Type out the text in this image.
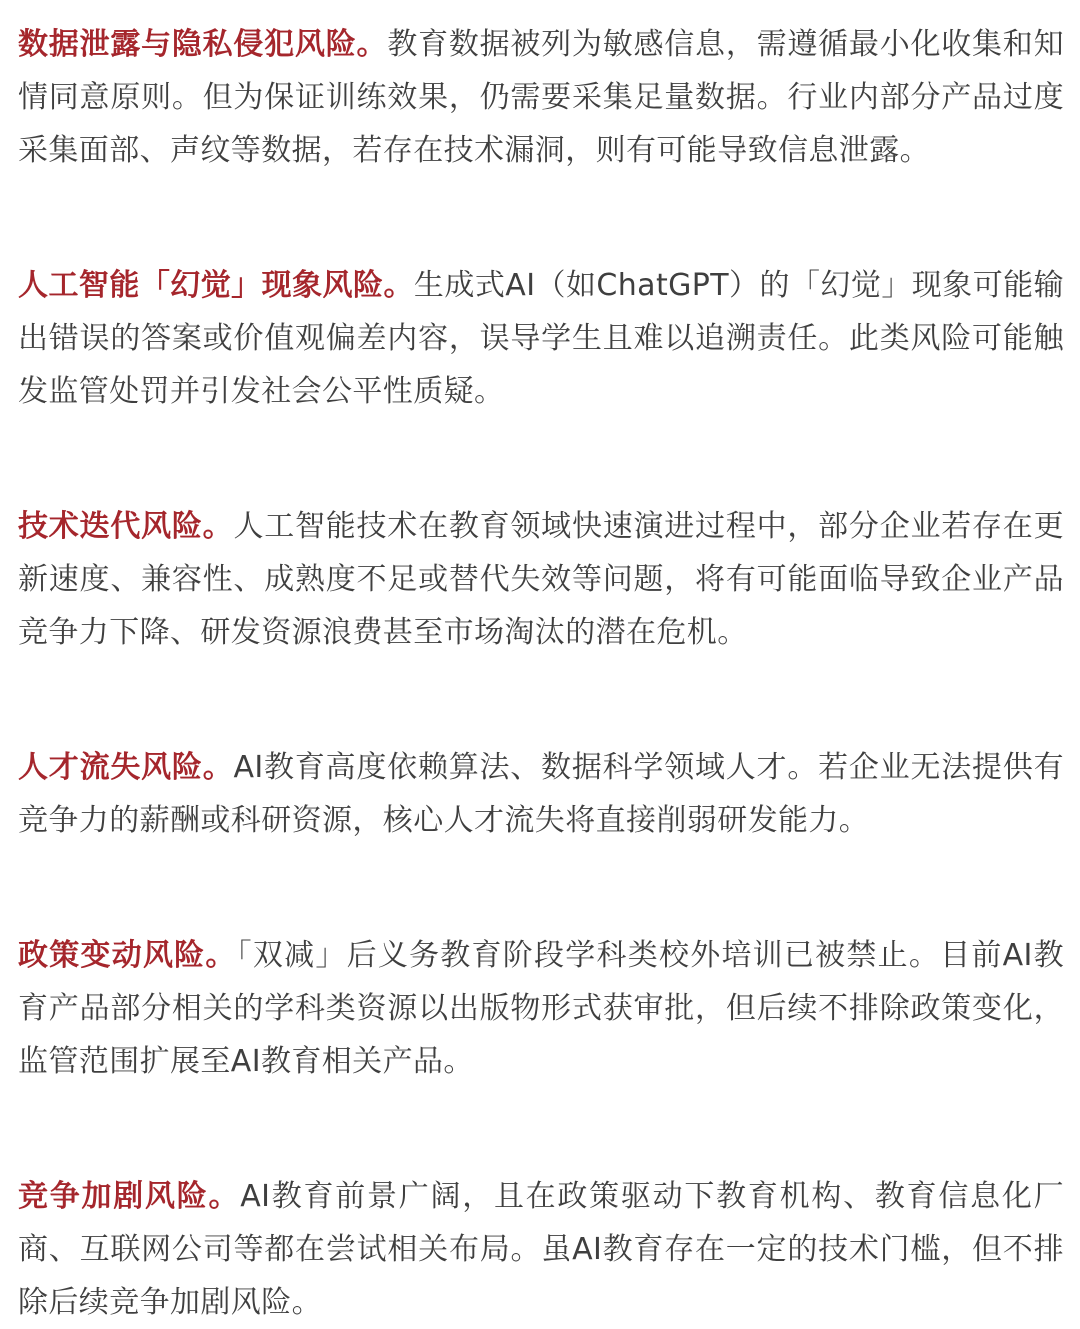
数据泄露与隐私侵犯风险。教育数据被列为敏感信息，需遵循最小化收集和知情同意原则。但为保证训练效果，仍需要采集足量数据。行业内部分产品过度采集面部、声纹等数据，若存在技术漏洞，则有可能导致信息泄露。

人工智能「幻觉」现象风险。生成式AI（如ChatGPT）的「幻觉」现象可能输出错误的答案或价值观偏差内容，误导学生且难以追溯责任。此类风险可能触发监管处罚并引发社会公平性质疑。

技术迭代风险。人工智能技术在教育领域快速演进过程中，部分企业若存在更新速度、兼容性、成熟度不足或替代失效等问题，将有可能面临导致企业产品竞争力下降、研发资源浪费甚至市场淘汰的潜在危机。

人才流失风险。AI教育高度依赖算法、数据科学领域人才。若企业无法提供有竞争力的薪酬或科研资源，核心人才流失将直接削弱研发能力。

政策变动风险。「双减」后义务教育阶段学科类校外培训已被禁止。目前AI教育产品部分相关的学科类资源以出版物形式获审批，但后续不排除政策变化，监管范围扩展至AI教育相关产品。

竞争加剧风险。AI教育前景广阔，且在政策驱动下教育机构、教育信息化厂商、互联网公司等都在尝试相关布局。虽AI教育存在一定的技术门槛，但不排除后续竞争加剧风险。
